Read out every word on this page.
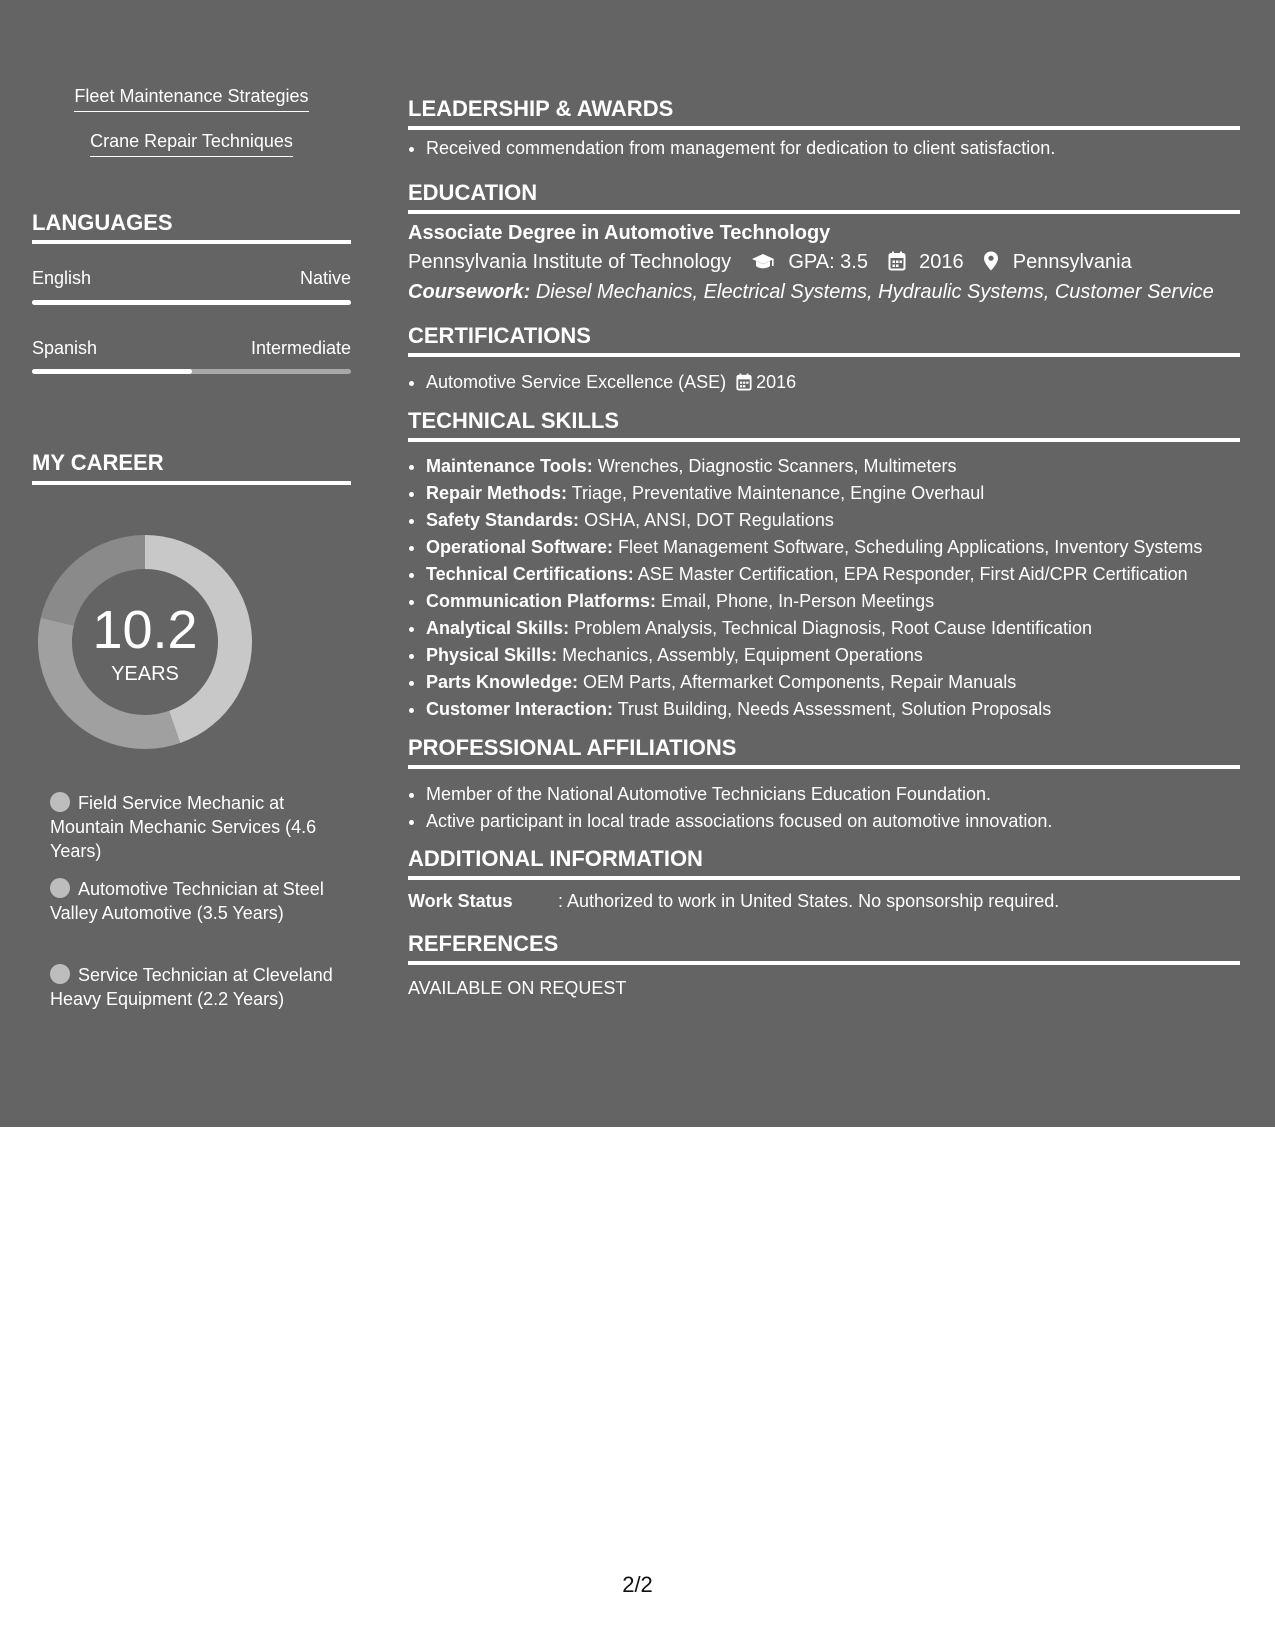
Fleet Maintenance Strategies
Crane Repair Techniques
LANGUAGES
English	Native
Spanish	Intermediate
MY CAREER
10.2
YEARS
Field Service Mechanic at Mountain Mechanic Services (4.6 Years)
Automotive Technician at Steel Valley Automotive (3.5 Years)
Service Technician at Cleveland Heavy Equipment (2.2 Years)
LEADERSHIP & AWARDS
• Received commendation from management for dedication to client satisfaction.
EDUCATION
Associate Degree in Automotive Technology
Pennsylvania Institute of Technology	GPA: 3.5	2016 Pennsylvania
Coursework: Diesel Mechanics, Electrical Systems, Hydraulic Systems, Customer Service
CERTIFICATIONS
• Automotive Service Excellence (ASE) 2016
TECHNICAL SKILLS
• Maintenance Tools: Wrenches, Diagnostic Scanners, Multimeters
• Repair Methods: Triage, Preventative Maintenance, Engine Overhaul
• Safety Standards: OSHA, ANSI, DOT Regulations
• Operational Software: Fleet Management Software, Scheduling Applications, Inventory Systems
• Technical Certifications: ASE Master Certification, EPA Responder, First Aid/CPR Certification
• Communication Platforms: Email, Phone, In-Person Meetings
• Analytical Skills: Problem Analysis, Technical Diagnosis, Root Cause Identification
• Physical Skills: Mechanics, Assembly, Equipment Operations
• Parts Knowledge: OEM Parts, Aftermarket Components, Repair Manuals
• Customer Interaction: Trust Building, Needs Assessment, Solution Proposals
PROFESSIONAL AFFILIATIONS
• Member of the National Automotive Technicians Education Foundation.
• Active participant in local trade associations focused on automotive innovation.
ADDITIONAL INFORMATION
Work Status	: Authorized to work in United States. No sponsorship required.
REFERENCES
AVAILABLE ON REQUEST
2/2
